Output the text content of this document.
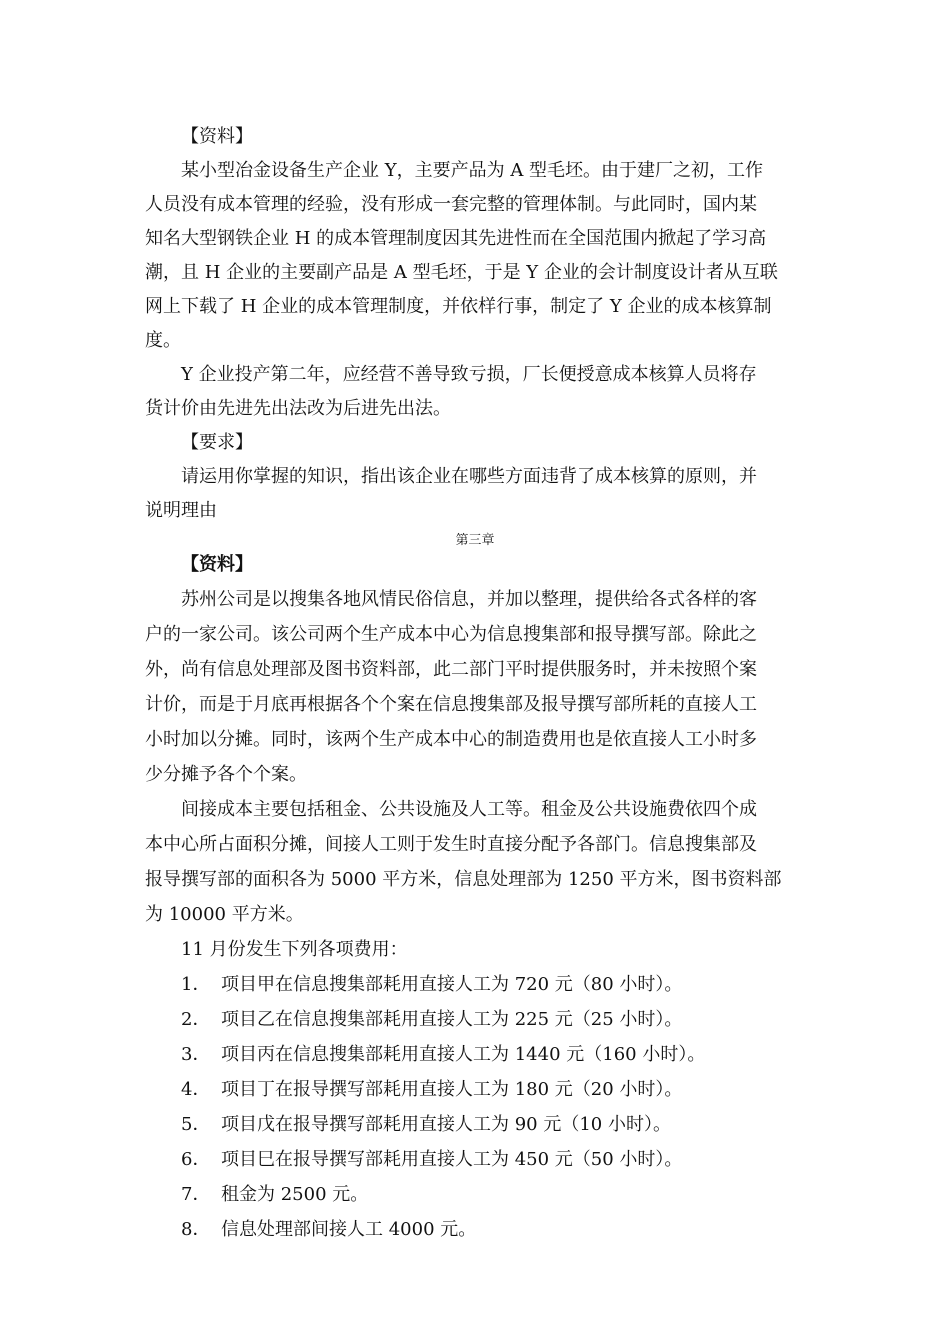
【资料】
某小型冶金设备生产企业 Y，主要产品为 A 型毛坯。由于建厂之初，工作
人员没有成本管理的经验，没有形成一套完整的管理体制。与此同时，国内某
知名大型钢铁企业 H 的成本管理制度因其先进性而在全国范围内掀起了学习高
潮，且 H 企业的主要副产品是 A 型毛坯，于是 Y 企业的会计制度设计者从互联
网上下载了 H 企业的成本管理制度，并依样行事，制定了 Y 企业的成本核算制
度。
Y 企业投产第二年，应经营不善导致亏损，厂长便授意成本核算人员将存
货计价由先进先出法改为后进先出法。
【要求】
请运用你掌握的知识，指出该企业在哪些方面违背了成本核算的原则，并
说明理由
第三章
【资料】
苏州公司是以搜集各地风情民俗信息，并加以整理，提供给各式各样的客
户的一家公司。该公司两个生产成本中心为信息搜集部和报导撰写部。除此之
外，尚有信息处理部及图书资料部，此二部门平时提供服务时，并未按照个案
计价，而是于月底再根据各个个案在信息搜集部及报导撰写部所耗的直接人工
小时加以分摊。同时，该两个生产成本中心的制造费用也是依直接人工小时多
少分摊予各个个案。
间接成本主要包括租金、公共设施及人工等。租金及公共设施费依四个成
本中心所占面积分摊，间接人工则于发生时直接分配予各部门。信息搜集部及
报导撰写部的面积各为 5000 平方米，信息处理部为 1250 平方米，图书资料部
为 10000 平方米。
11 月份发生下列各项费用：
1． 项目甲在信息搜集部耗用直接人工为 720 元（80 小时）。
2． 项目乙在信息搜集部耗用直接人工为 225 元（25 小时）。
3． 项目丙在信息搜集部耗用直接人工为 1440 元（160 小时）。
4． 项目丁在报导撰写部耗用直接人工为 180 元（20 小时）。
5． 项目戊在报导撰写部耗用直接人工为 90 元（10 小时）。
6． 项目巳在报导撰写部耗用直接人工为 450 元（50 小时）。
7． 租金为 2500 元。
8． 信息处理部间接人工 4000 元。
